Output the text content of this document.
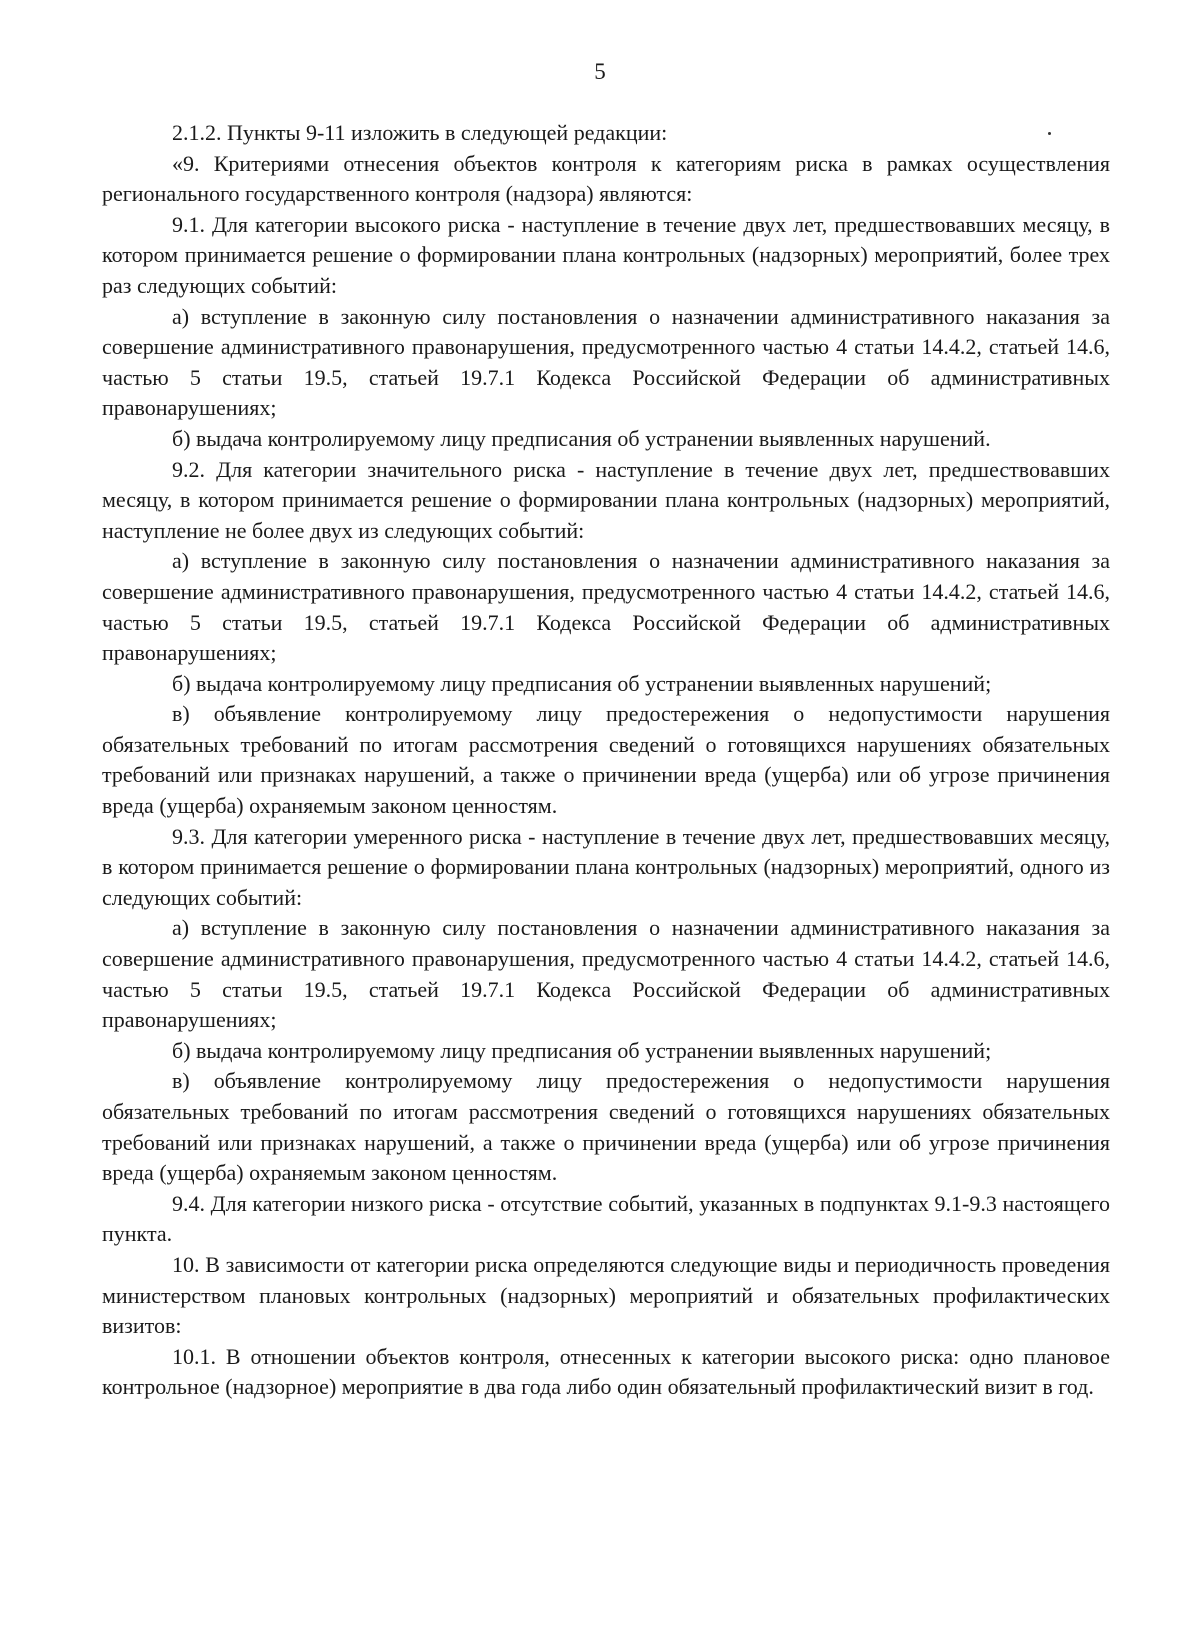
5

2.1.2. Пункты 9-11 изложить в следующей редакции:

«9. Критериями отнесения объектов контроля к категориям риска в рамках осуществления регионального государственного контроля (надзора) являются:

9.1. Для категории высокого риска - наступление в течение двух лет, предшествовавших месяцу, в котором принимается решение о формировании плана контрольных (надзорных) мероприятий, более трех раз следующих событий:

а) вступление в законную силу постановления о назначении административного наказания за совершение административного правонарушения, предусмотренного частью 4 статьи 14.4.2, статьей 14.6, частью 5 статьи 19.5, статьей 19.7.1 Кодекса Российской Федерации об административных правонарушениях;

б) выдача контролируемому лицу предписания об устранении выявленных нарушений.

9.2. Для категории значительного риска - наступление в течение двух лет, предшествовавших месяцу, в котором принимается решение о формировании плана контрольных (надзорных) мероприятий, наступление не более двух из следующих событий:

а) вступление в законную силу постановления о назначении административного наказания за совершение административного правонарушения, предусмотренного частью 4 статьи 14.4.2, статьей 14.6, частью 5 статьи 19.5, статьей 19.7.1 Кодекса Российской Федерации об административных правонарушениях;

б) выдача контролируемому лицу предписания об устранении выявленных нарушений;

в) объявление контролируемому лицу предостережения о недопустимости нарушения обязательных требований по итогам рассмотрения сведений о готовящихся нарушениях обязательных требований или признаках нарушений, а также о причинении вреда (ущерба) или об угрозе причинения вреда (ущерба) охраняемым законом ценностям.

9.3. Для категории умеренного риска - наступление в течение двух лет, предшествовавших месяцу, в котором принимается решение о формировании плана контрольных (надзорных) мероприятий, одного из следующих событий:

а) вступление в законную силу постановления о назначении административного наказания за совершение административного правонарушения, предусмотренного частью 4 статьи 14.4.2, статьей 14.6, частью 5 статьи 19.5, статьей 19.7.1 Кодекса Российской Федерации об административных правонарушениях;

б) выдача контролируемому лицу предписания об устранении выявленных нарушений;

в) объявление контролируемому лицу предостережения о недопустимости нарушения обязательных требований по итогам рассмотрения сведений о готовящихся нарушениях обязательных требований или признаках нарушений, а также о причинении вреда (ущерба) или об угрозе причинения вреда (ущерба) охраняемым законом ценностям.

9.4. Для категории низкого риска - отсутствие событий, указанных в подпунктах 9.1-9.3 настоящего пункта.

10. В зависимости от категории риска определяются следующие виды и периодичность проведения министерством плановых контрольных (надзорных) мероприятий и обязательных профилактических визитов:

10.1. В отношении объектов контроля, отнесенных к категории высокого риска: одно плановое контрольное (надзорное) мероприятие в два года либо один обязательный профилактический визит в год.
